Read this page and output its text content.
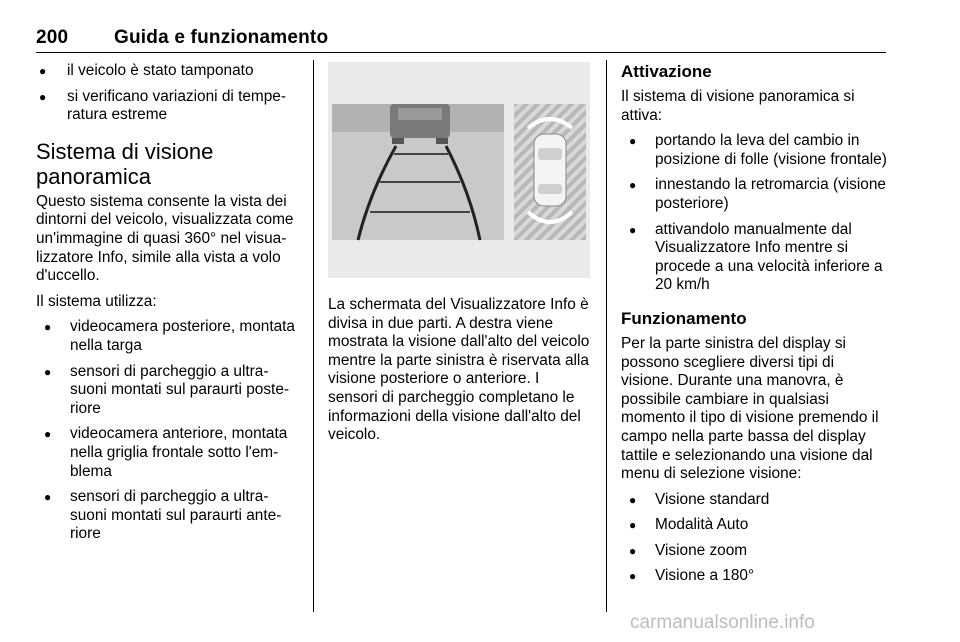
200 Guida e funzionamento
● il veicolo è stato tamponato
● si verificano variazioni di temperatura estreme
Sistema di visione panoramica

Questo sistema consente la vista dei dintorni del veicolo, visualizzata come un'immagine di quasi 360° nel visualizzatore Info, simile alla vista a volo d'uccello.

Il sistema utilizza:

● videocamera posteriore, montata nella targa
● sensori di parcheggio a ultrasuoni montati sul paraurti posteriore
● videocamera anteriore, montata nella griglia frontale sotto l'emblema
● sensori di parcheggio a ultrasuoni montati sul paraurti anteriore

La schermata del Visualizzatore Info è divisa in due parti. A destra viene mostrata la visione dall'alto del veicolo mentre la parte sinistra è riservata alla visione posteriore o anteriore. I sensori di parcheggio completano le informazioni della visione dall'alto del veicolo.

Attivazione

Il sistema di visione panoramica si attiva:

● portando la leva del cambio in posizione di folle (visione frontale)
● innestando la retromarcia (visione posteriore)
● attivandolo manualmente dal Visualizzatore Info mentre si procede a una velocità inferiore a 20 km/h
Funzionamento

Per la parte sinistra del display si possono scegliere diversi tipi di visione. Durante una manovra, è possibile cambiare in qualsiasi momento il tipo di visione premendo il campo nella parte bassa del display tattile e selezionando una visione dal menu di selezione visione:

● Visione standard
● Modalità Auto
● Visione zoom
● Visione a 180°
carmanualsonline.info
